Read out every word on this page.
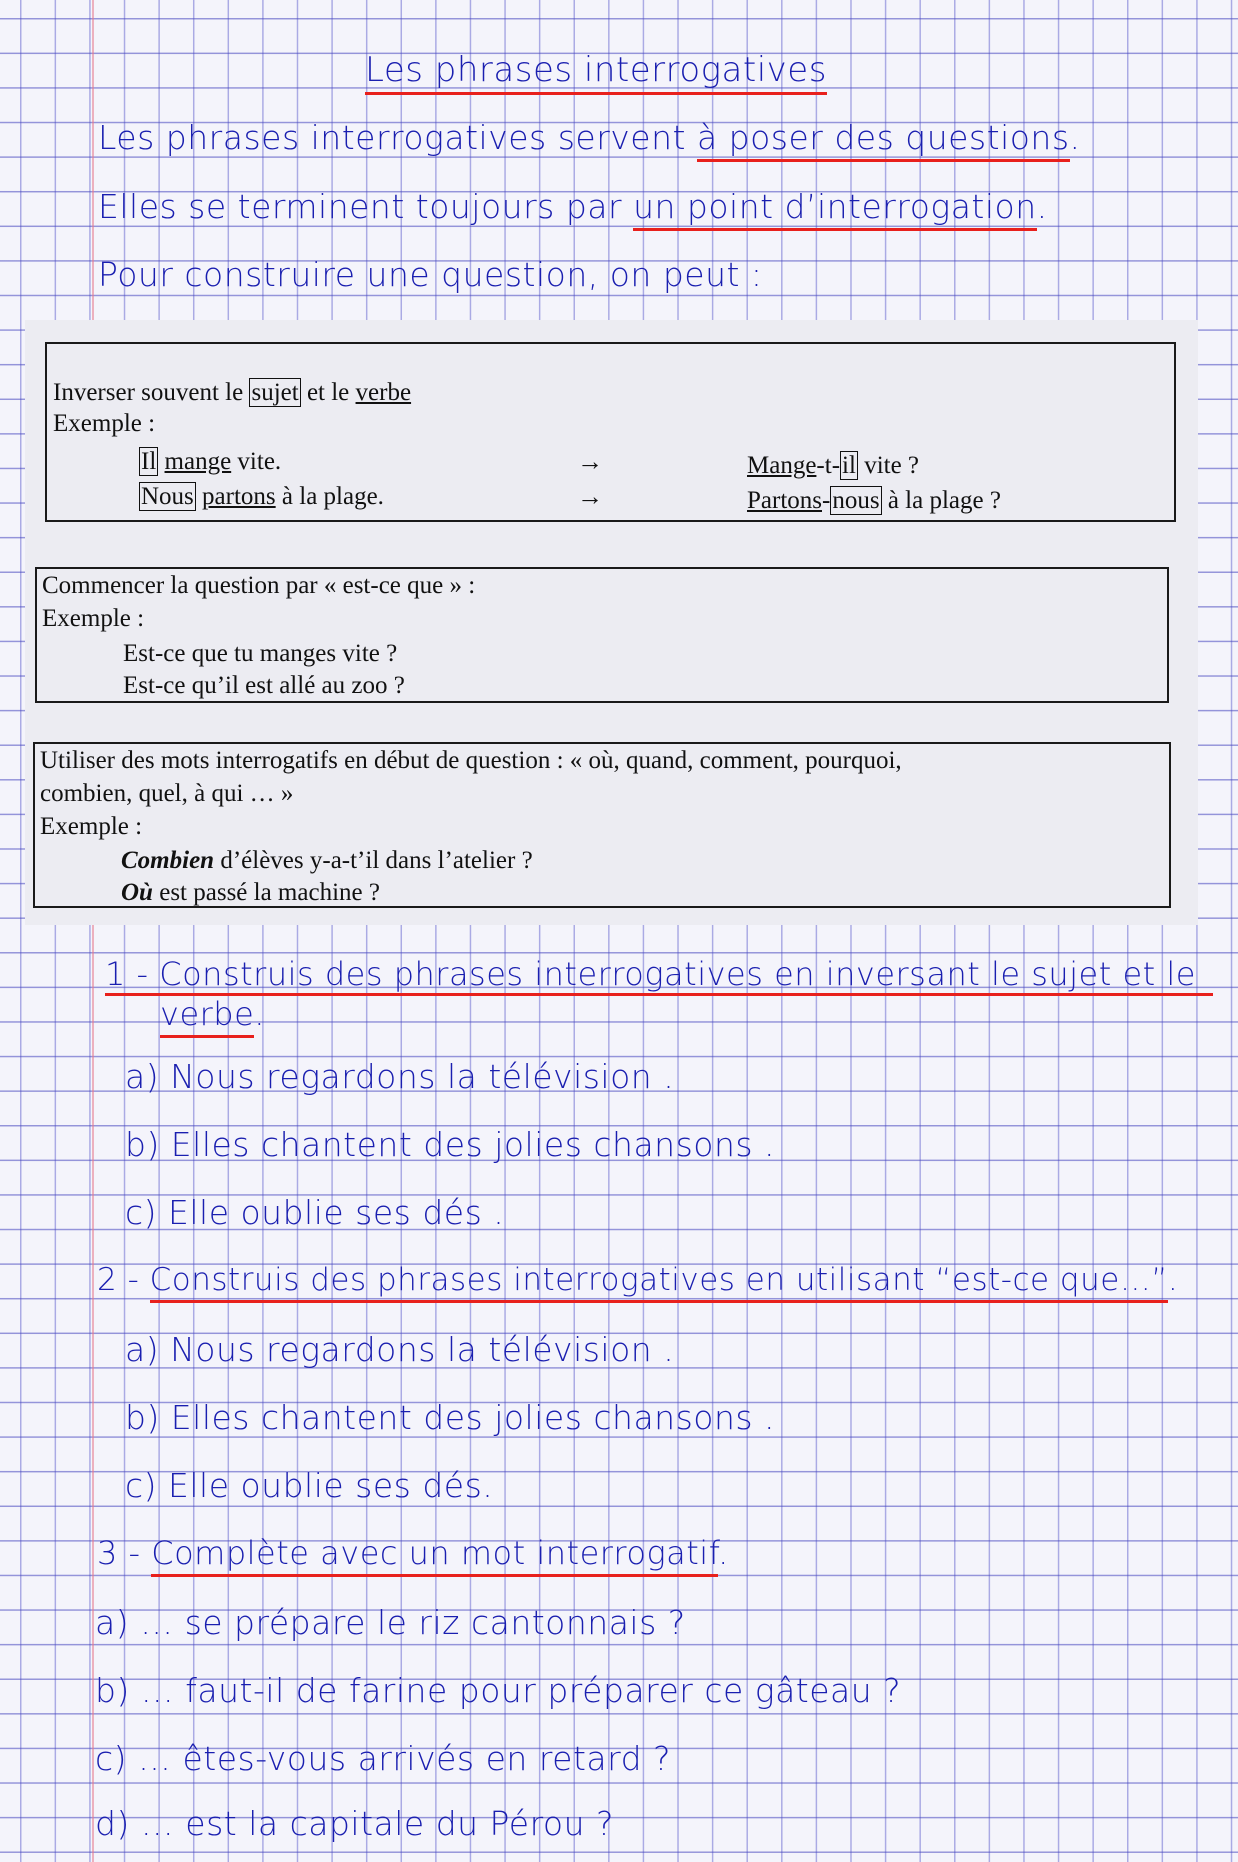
Les phrases interrogatives
Les phrases interrogatives servent à poser des questions.
Elles se terminent toujours par un point d’interrogation.
Pour construire une question, on peut :
Inverser souvent le sujet et le verbe
Exemple :
Il mange vite.	→	Mange-t-il vite ?
Nous partons à la plage.	→	Partons-nous à la plage ?
Commencer la question par « est-ce que » :
Exemple :
Est-ce que tu manges vite ?
Est-ce qu’il est allé au zoo ?
Utiliser des mots interrogatifs en début de question : « où, quand, comment, pourquoi,
combien, quel, à qui … »
Exemple :
Combien d’élèves y-a-t’il dans l’atelier ?
Où est passé la machine ?
1 - Construis des phrases interrogatives en inversant le sujet et le
verbe.
a) Nous regardons la télévision .
b) Elles chantent des jolies chansons .
c) Elle oublie ses dés .
2 - Construis des phrases interrogatives en utilisant “est-ce que…”.
a) Nous regardons la télévision .
b) Elles chantent des jolies chansons .
c) Elle oublie ses dés.
3 - Complète avec un mot interrogatif.
a) … se prépare le riz cantonnais ?
b) … faut-il de farine pour préparer ce gâteau ?
c) … êtes-vous arrivés en retard ?
d) … est la capitale du Pérou ?
